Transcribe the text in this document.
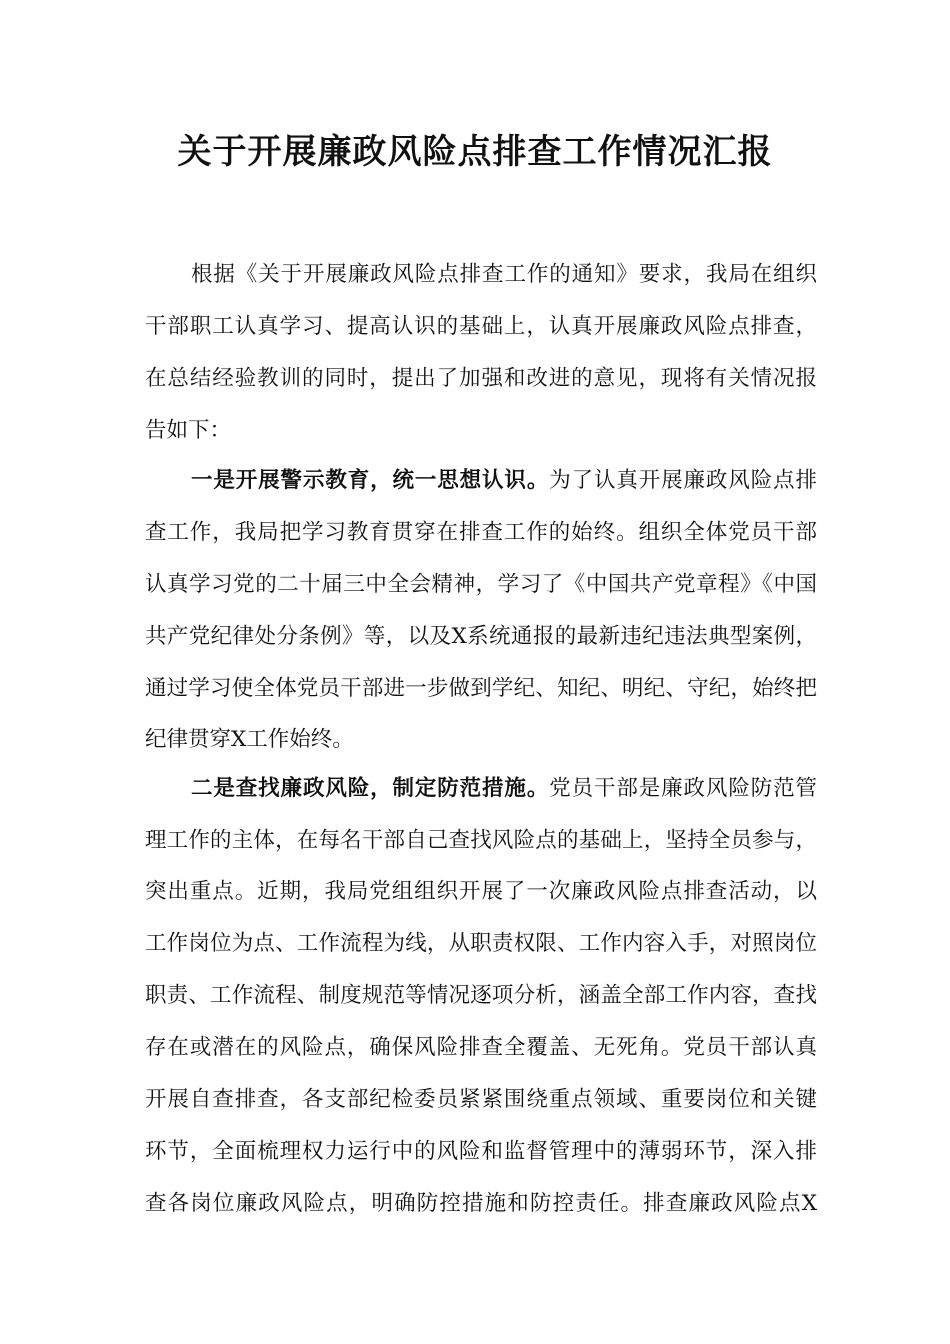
关于开展廉政风险点排查工作情况汇报
根据《关于开展廉政风险点排查工作的通知》要求，我局在组织
干部职工认真学习、提高认识的基础上，认真开展廉政风险点排查，
在总结经验教训的同时，提出了加强和改进的意见，现将有关情况报
告如下：
一是开展警示教育，统一思想认识。为了认真开展廉政风险点排
查工作，我局把学习教育贯穿在排查工作的始终。组织全体党员干部
认真学习党的二十届三中全会精神，学习了《中国共产党章程》《中国
共产党纪律处分条例》等，以及X系统通报的最新违纪违法典型案例，
通过学习使全体党员干部进一步做到学纪、知纪、明纪、守纪，始终把
纪律贯穿X工作始终。
二是查找廉政风险，制定防范措施。党员干部是廉政风险防范管
理工作的主体，在每名干部自己查找风险点的基础上，坚持全员参与，
突出重点。近期，我局党组组织开展了一次廉政风险点排查活动，以
工作岗位为点、工作流程为线，从职责权限、工作内容入手，对照岗位
职责、工作流程、制度规范等情况逐项分析，涵盖全部工作内容，查找
存在或潜在的风险点，确保风险排查全覆盖、无死角。党员干部认真
开展自查排查，各支部纪检委员紧紧围绕重点领域、重要岗位和关键
环节，全面梳理权力运行中的风险和监督管理中的薄弱环节，深入排
查各岗位廉政风险点，明确防控措施和防控责任。排查廉政风险点X
